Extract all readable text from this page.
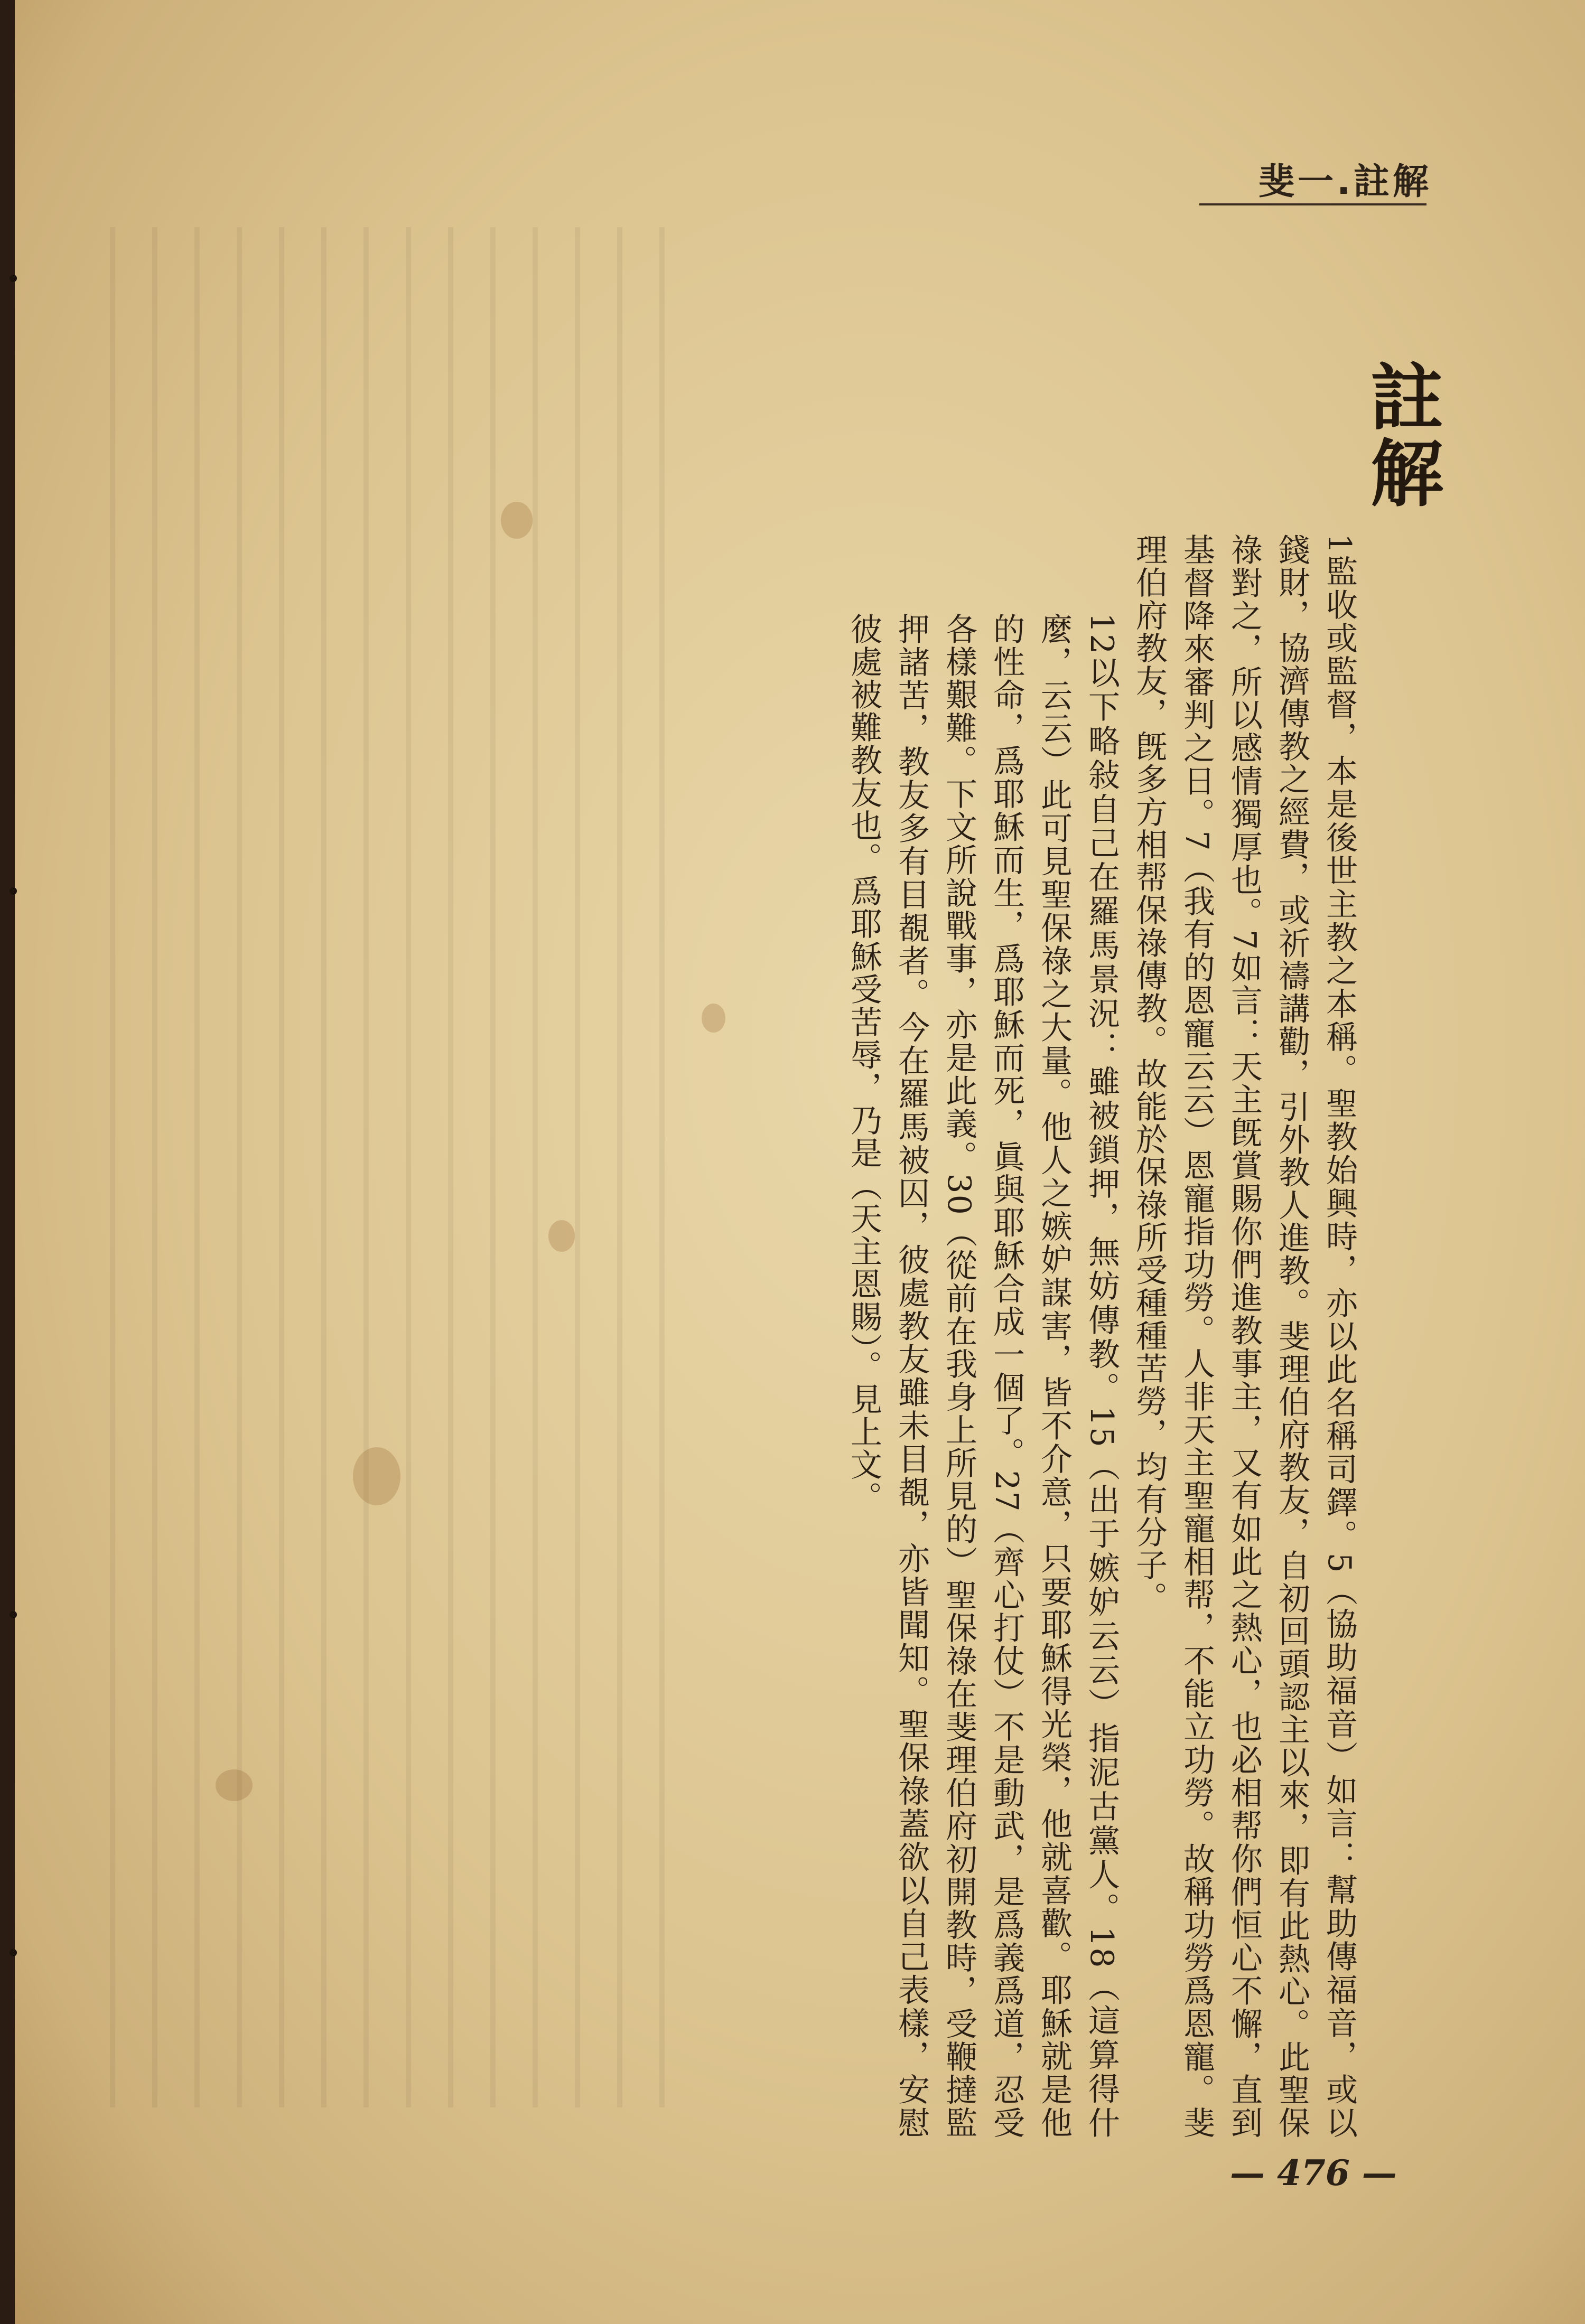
斐一.註解
註解

1監收或監督，本是後世主教之本稱。聖教始興時，亦以此名稱司鐸。5（協助福音）如言：幫助傳福音，或以錢財，協濟傳教之經費，或祈禱講勸，引外教人進教。斐理伯府教友，自初回頭認主以來，即有此熱心。此聖保祿對之，所以感情獨厚也。7如言：天主旣賞賜你們進教事主，又有如此之熱心，也必相帮你們恒心不懈，直到基督降來審判之日。7（我有的恩寵云云）恩寵指功勞。人非天主聖寵相帮，不能立功勞。故稱功勞爲恩寵。斐理伯府教友，旣多方相帮保祿傳教。故能於保祿所受種種苦勞，均有分子。

12以下略敍自己在羅馬景況：雖被鎖押，無妨傳教。15（出于嫉妒云云）指泥古黨人。18（這算得什麼，云云）此可見聖保祿之大量。他人之嫉妒謀害，皆不介意，只要耶穌得光榮，他就喜歡。耶穌就是他的性命，爲耶穌而生，爲耶穌而死，眞與耶穌合成一個了。27（齊心打仗）不是動武，是爲義爲道，忍受各樣艱難。下文所說戰事，亦是此義。30（從前在我身上所見的）聖保祿在斐理伯府初開教時，受鞭撻監押諸苦，教友多有目覩者。今在羅馬被囚，彼處教友雖未目覩，亦皆聞知。聖保祿蓋欲以自己表樣，安慰彼處被難教友也。爲耶穌受苦辱，乃是（天主恩賜）。見上文。

— 476 —
